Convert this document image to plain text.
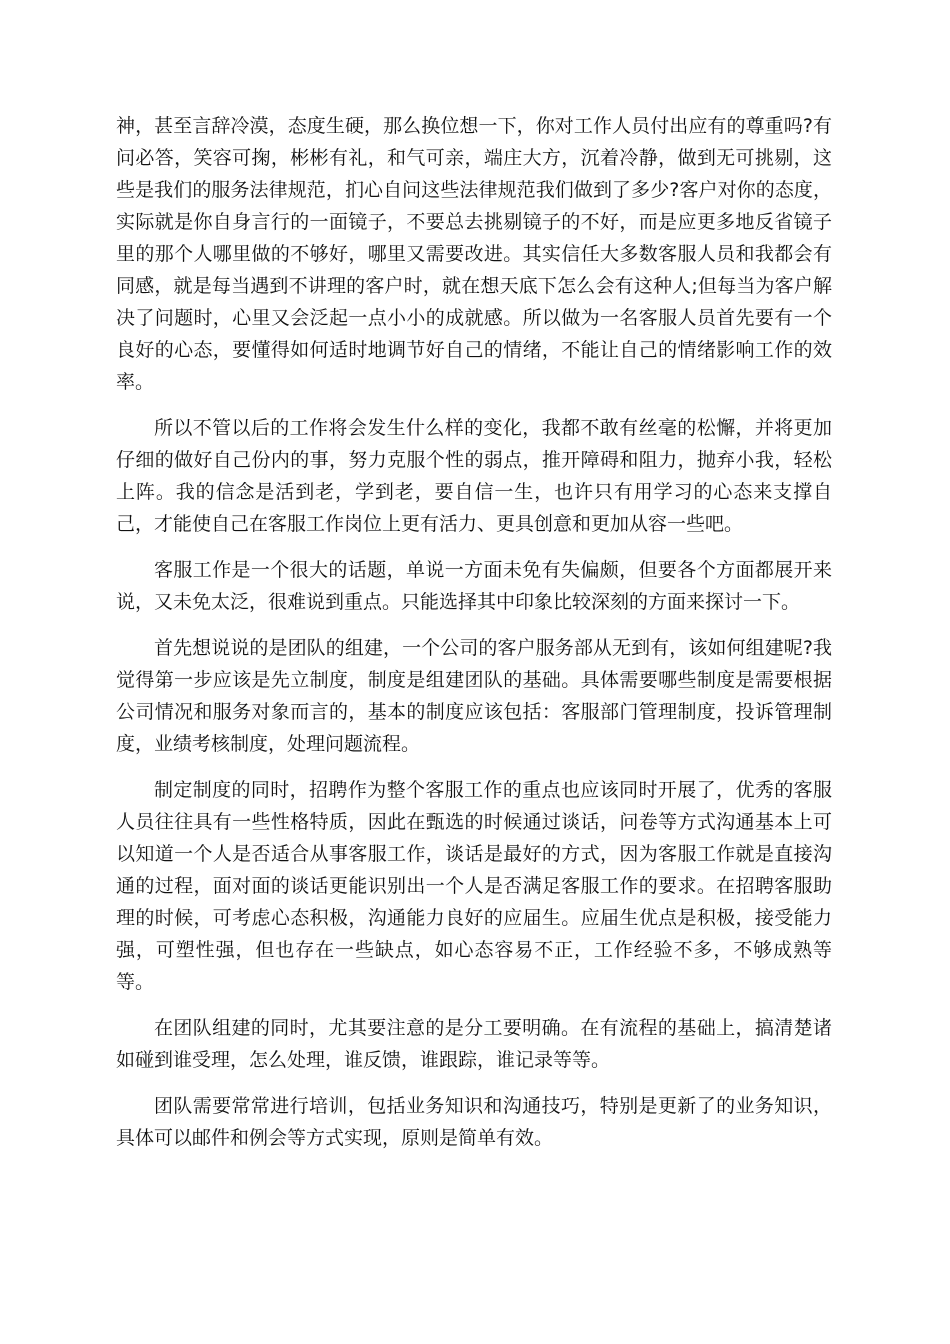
神，甚至言辞冷漠，态度生硬，那么换位想一下，你对工作人员付出应有的尊重吗?有问必答，笑容可掬，彬彬有礼，和气可亲，端庄大方，沉着冷静，做到无可挑剔，这些是我们的服务法律规范，扪心自问这些法律规范我们做到了多少?客户对你的态度，实际就是你自身言行的一面镜子，不要总去挑剔镜子的不好，而是应更多地反省镜子里的那个人哪里做的不够好，哪里又需要改进。其实信任大多数客服人员和我都会有同感，就是每当遇到不讲理的客户时，就在想天底下怎么会有这种人;但每当为客户解决了问题时，心里又会泛起一点小小的成就感。所以做为一名客服人员首先要有一个良好的心态，要懂得如何适时地调节好自己的情绪，不能让自己的情绪影响工作的效率。

所以不管以后的工作将会发生什么样的变化，我都不敢有丝毫的松懈，并将更加仔细的做好自己份内的事，努力克服个性的弱点，推开障碍和阻力，抛弃小我，轻松上阵。我的信念是活到老，学到老，要自信一生，也许只有用学习的心态来支撑自己，才能使自己在客服工作岗位上更有活力、更具创意和更加从容一些吧。

客服工作是一个很大的话题，单说一方面未免有失偏颇，但要各个方面都展开来说，又未免太泛，很难说到重点。只能选择其中印象比较深刻的方面来探讨一下。

首先想说说的是团队的组建，一个公司的客户服务部从无到有，该如何组建呢?我觉得第一步应该是先立制度，制度是组建团队的基础。具体需要哪些制度是需要根据公司情况和服务对象而言的，基本的制度应该包括：客服部门管理制度，投诉管理制度，业绩考核制度，处理问题流程。

制定制度的同时，招聘作为整个客服工作的重点也应该同时开展了，优秀的客服人员往往具有一些性格特质，因此在甄选的时候通过谈话，问卷等方式沟通基本上可以知道一个人是否适合从事客服工作，谈话是最好的方式，因为客服工作就是直接沟通的过程，面对面的谈话更能识别出一个人是否满足客服工作的要求。在招聘客服助理的时候，可考虑心态积极，沟通能力良好的应届生。应届生优点是积极，接受能力强，可塑性强，但也存在一些缺点，如心态容易不正，工作经验不多，不够成熟等等。

在团队组建的同时，尤其要注意的是分工要明确。在有流程的基础上，搞清楚诸如碰到谁受理，怎么处理，谁反馈，谁跟踪，谁记录等等。

团队需要常常进行培训，包括业务知识和沟通技巧，特别是更新了的业务知识，具体可以邮件和例会等方式实现，原则是简单有效。
